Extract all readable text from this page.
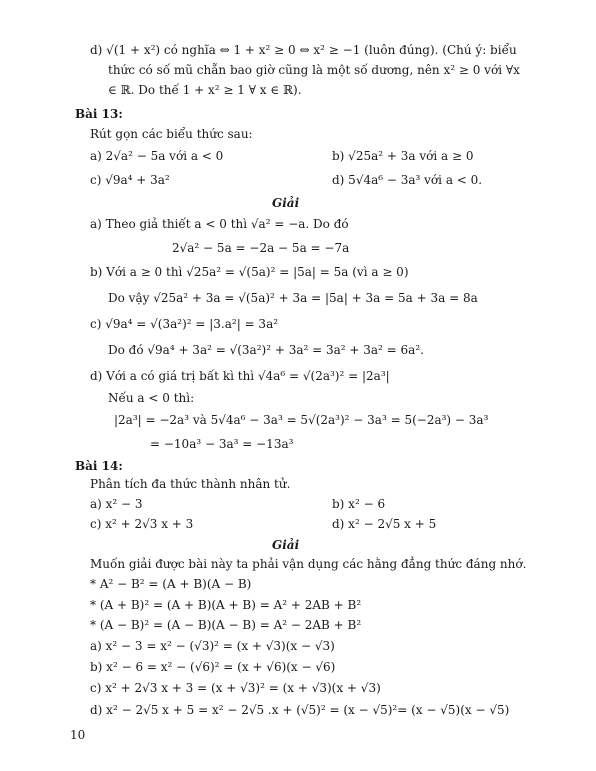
d) √(1 + x²) có nghĩa ⇔ 1 + x² ≥ 0 ⇔ x² ≥ −1 (luôn đúng). (Chú ý: biểu
thức có số mũ chẵn bao giờ cũng là một số dương, nên x² ≥ 0 với ∀x
∈ ℝ. Do thế 1 + x² ≥ 1 ∀ x ∈ ℝ).
Bài 13:
Rút gọn các biểu thức sau:
a) 2√a² − 5a với a < 0	b) √25a² + 3a với a ≥ 0
c) √9a⁴ + 3a²	d) 5√4a⁶ − 3a³ với a < 0.
Giải
a) Theo giả thiết a < 0 thì √a² = −a. Do đó
2√a² − 5a = −2a − 5a = −7a
b) Với a ≥ 0 thì √25a² = √(5a)² = |5a| = 5a (vì a ≥ 0)
Do vậy √25a² + 3a = √(5a)² + 3a = |5a| + 3a = 5a + 3a = 8a
c) √9a⁴ = √(3a²)² = |3.a²| = 3a²
Do đó √9a⁴ + 3a² = √(3a²)² + 3a² = 3a² + 3a² = 6a².
d) Với a có giá trị bất kì thì √4a⁶ = √(2a³)² = |2a³|
Nếu a < 0 thì:
|2a³| = −2a³ và 5√4a⁶ − 3a³ = 5√(2a³)² − 3a³ = 5(−2a³) − 3a³
= −10a³ − 3a³ = −13a³
Bài 14:
Phân tích đa thức thành nhân tử.
a) x² − 3	b) x² − 6
c) x² + 2√3 x + 3	d) x² − 2√5 x + 5
Giải
Muốn giải được bài này ta phải vận dụng các hằng đẳng thức đáng nhớ.
* A² − B² = (A + B)(A − B)
* (A + B)² = (A + B)(A + B) = A² + 2AB + B²
* (A − B)² = (A − B)(A − B) = A² − 2AB + B²
a) x² − 3 = x² − (√3)² = (x + √3)(x − √3)
b) x² − 6 = x² − (√6)² = (x + √6)(x − √6)
c) x² + 2√3 x + 3 = (x + √3)² = (x + √3)(x + √3)
d) x² − 2√5 x + 5 = x² − 2√5 .x + (√5)² = (x − √5)²= (x − √5)(x − √5)
10
